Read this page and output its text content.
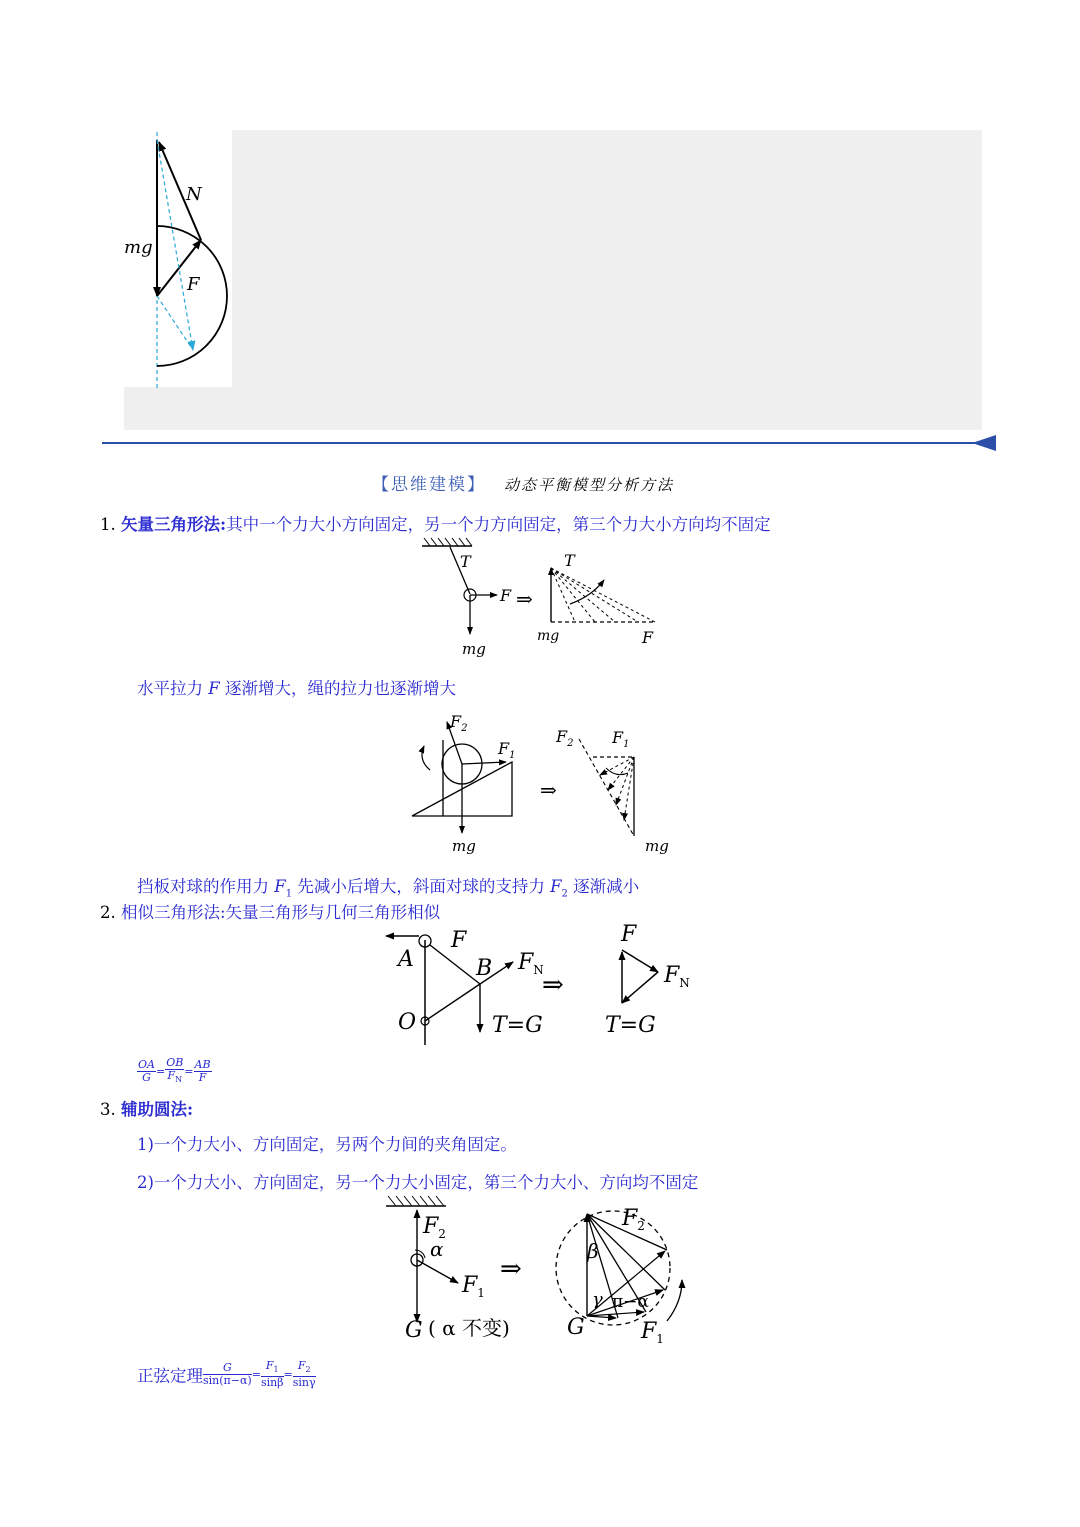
N
mg
F
【思维建模】 动态平衡模型分析方法
1. 矢量三角形法:其中一个力大小方向固定，另一个力方向固定，第三个力大小方向均不固定
T
F
mg
⇒
T
mg	F
水平拉力 F 逐渐增大，绳的拉力也逐渐增大
$F_2$
$F_1$
mg
⇒
$F_2$ $F_1$
mg
挡板对球的作用力 $F_1$ 先减小后增大，斜面对球的支持力 $F_2$ 逐渐减小
2. 相似三角形法:矢量三角形与几何三角形相似
A
O
B
F
$F_N$
T=G
⇒
F
$F_N$
T=G
$\frac{OA}{G} = \frac{OB}{F_N} = \frac{AB}{F}$
3. 辅助圆法:
1)一个力大小、方向固定，另两个力间的夹角固定。
2)一个力大小、方向固定，另一个力大小固定，第三个力大小、方向均不固定
$F_2$
α
$F_1$
G ( α 不变)
⇒
$F_2$
β
γ π−α
G	$F_1$
正弦定理 $\frac{G}{\sin(\pi-\alpha)} = \frac{F_1}{\sin\beta} = \frac{F_2}{\sin\gamma}$
